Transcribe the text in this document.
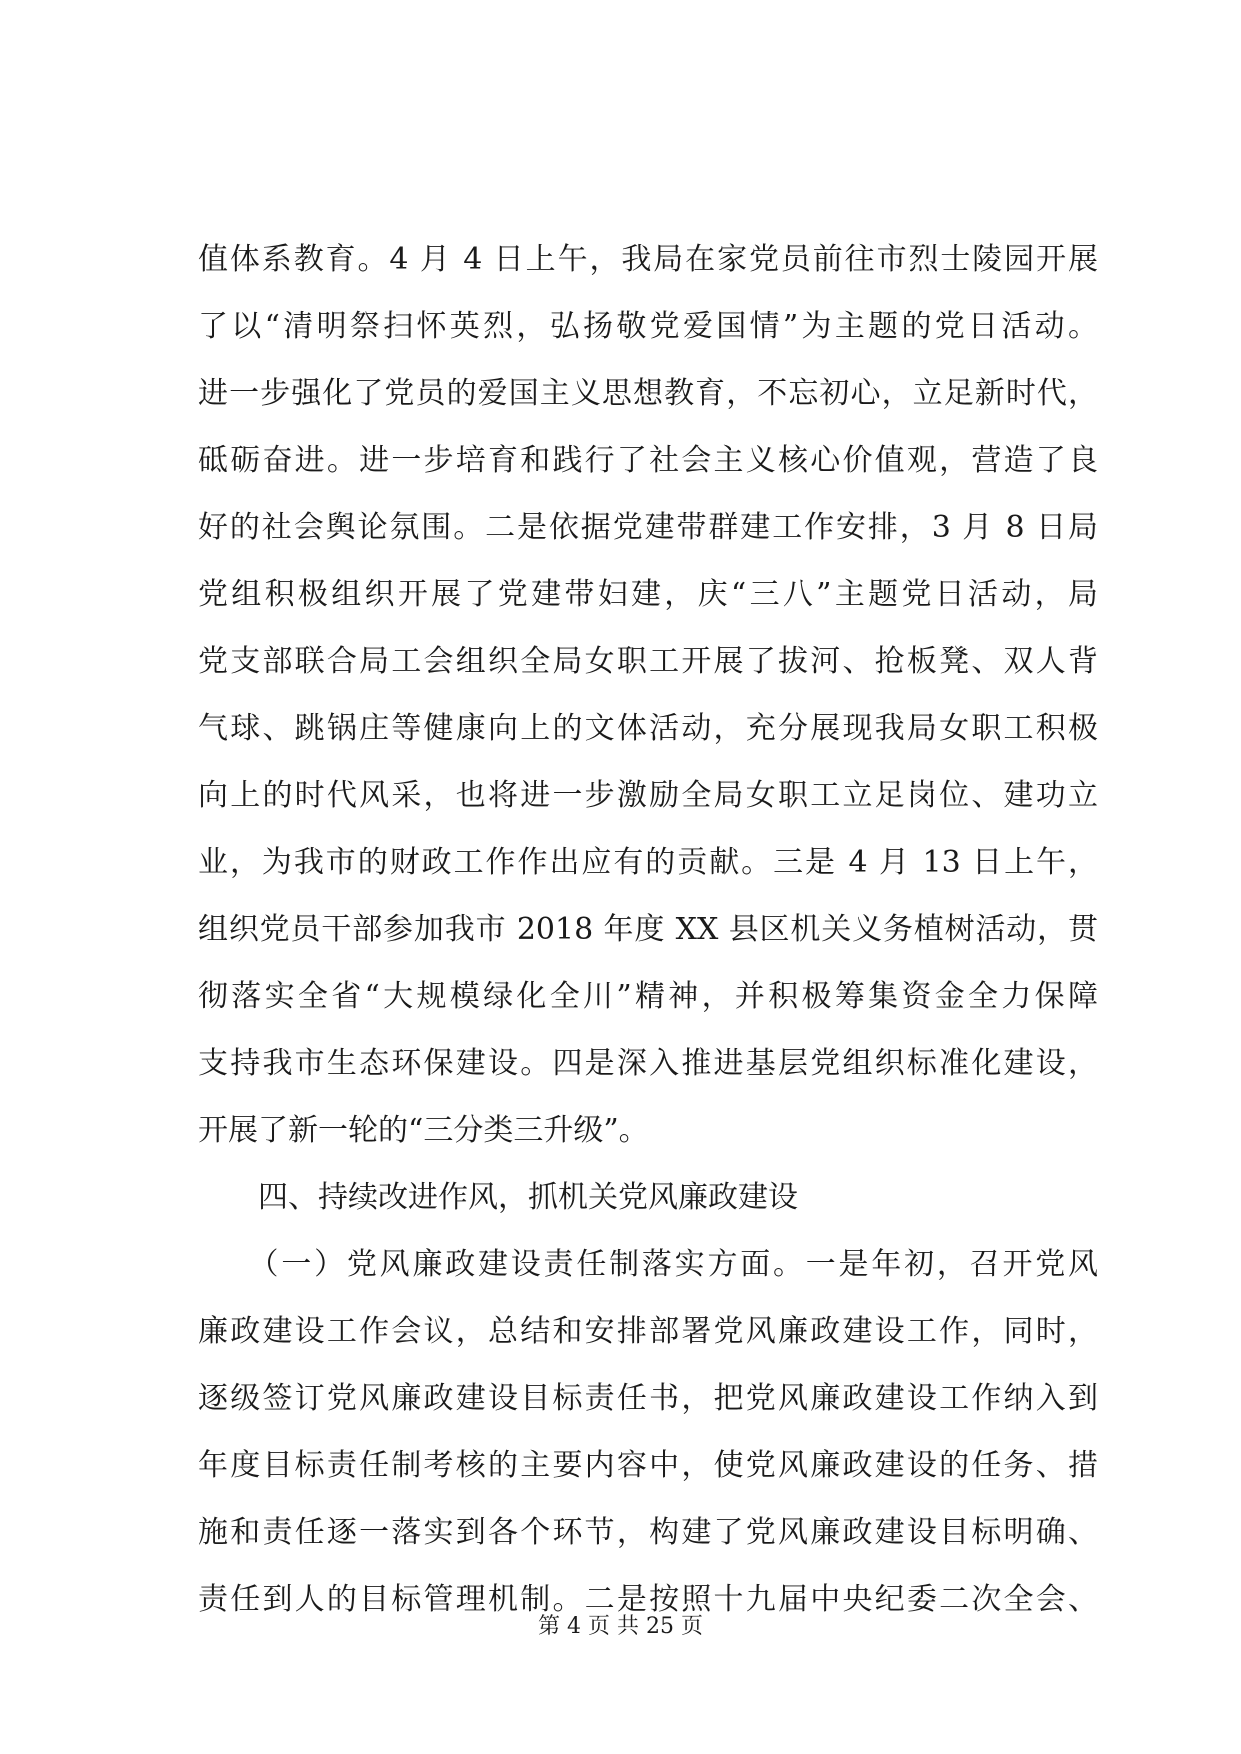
值体系教育。4 月 4 日上午，我局在家党员前往市烈士陵园开展
了以“清明祭扫怀英烈，弘扬敬党爱国情”为主题的党日活动。
进一步强化了党员的爱国主义思想教育，不忘初心，立足新时代，
砥砺奋进。进一步培育和践行了社会主义核心价值观，营造了良
好的社会舆论氛围。二是依据党建带群建工作安排，3 月 8 日局
党组积极组织开展了党建带妇建，庆“三八”主题党日活动，局
党支部联合局工会组织全局女职工开展了拔河、抢板凳、双人背
气球、跳锅庄等健康向上的文体活动，充分展现我局女职工积极
向上的时代风采，也将进一步激励全局女职工立足岗位、建功立
业，为我市的财政工作作出应有的贡献。三是 4 月 13 日上午，
组织党员干部参加我市 2018 年度 XX 县区机关义务植树活动，贯
彻落实全省“大规模绿化全川”精神，并积极筹集资金全力保障
支持我市生态环保建设。四是深入推进基层党组织标准化建设，
开展了新一轮的“三分类三升级”。
　　四、持续改进作风，抓机关党风廉政建设
　　（一）党风廉政建设责任制落实方面。一是年初，召开党风
廉政建设工作会议，总结和安排部署党风廉政建设工作，同时，
逐级签订党风廉政建设目标责任书，把党风廉政建设工作纳入到
年度目标责任制考核的主要内容中，使党风廉政建设的任务、措
施和责任逐一落实到各个环节，构建了党风廉政建设目标明确、
责任到人的目标管理机制。二是按照十九届中央纪委二次全会、
第 4 页 共 25 页
